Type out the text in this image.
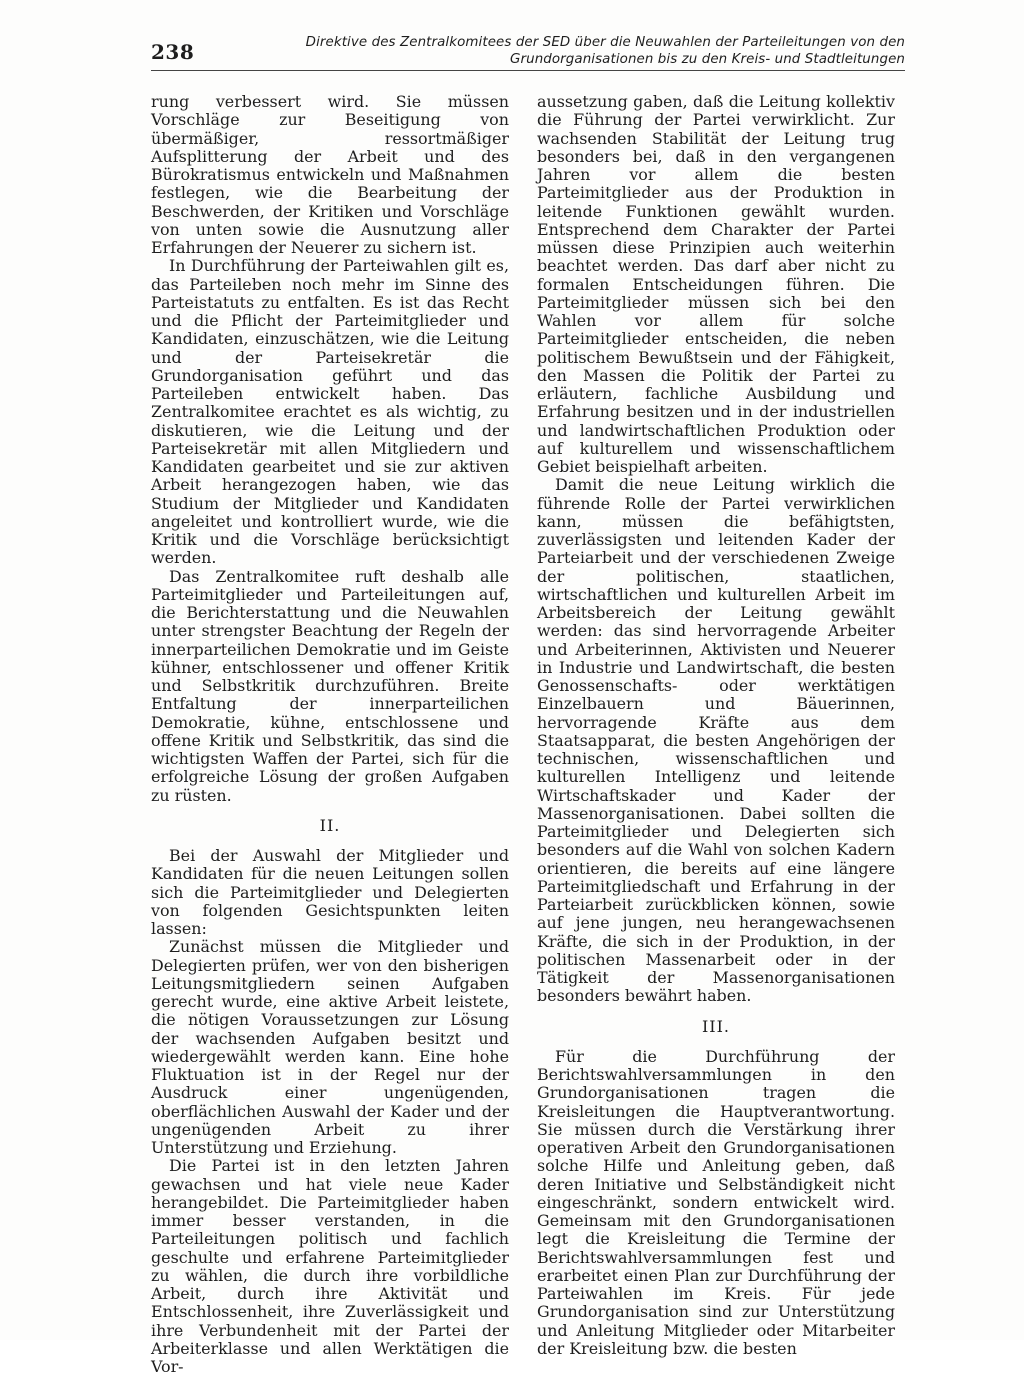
238	Direktive des Zentralkomitees der SED über die Neuwahlen der Parteileitungen von den
Grundorganisationen bis zu den Kreis- und Stadtleitungen

rung verbessert wird. Sie müssen Vorschläge zur Beseitigung von übermäßiger, ressortmäßiger Aufsplitterung der Arbeit und des Bürokratismus entwickeln und Maßnahmen festlegen, wie die Bearbeitung der Beschwerden, der Kritiken und Vorschläge von unten sowie die Ausnutzung aller Erfahrungen der Neuerer zu sichern ist.

In Durchführung der Parteiwahlen gilt es, das Parteileben noch mehr im Sinne des Parteistatuts zu entfalten. Es ist das Recht und die Pflicht der Parteimitglieder und Kandidaten, einzuschätzen, wie die Leitung und der Parteisekretär die Grundorganisation geführt und das Parteileben entwickelt haben. Das Zentralkomitee erachtet es als wichtig, zu diskutieren, wie die Leitung und der Parteisekretär mit allen Mitgliedern und Kandidaten gearbeitet und sie zur aktiven Arbeit herangezogen haben, wie das Studium der Mitglieder und Kandidaten angeleitet und kontrolliert wurde, wie die Kritik und die Vorschläge berücksichtigt werden.

Das Zentralkomitee ruft deshalb alle Parteimitglieder und Parteileitungen auf, die Berichterstattung und die Neuwahlen unter strengster Beachtung der Regeln der innerparteilichen Demokratie und im Geiste kühner, entschlossener und offener Kritik und Selbstkritik durchzuführen. Breite Entfaltung der innerparteilichen Demokratie, kühne, entschlossene und offene Kritik und Selbstkritik, das sind die wichtigsten Waffen der Partei, sich für die erfolgreiche Lösung der großen Aufgaben zu rüsten.

II.

Bei der Auswahl der Mitglieder und Kandidaten für die neuen Leitungen sollen sich die Parteimitglieder und Delegierten von folgenden Gesichtspunkten leiten lassen:

Zunächst müssen die Mitglieder und Delegierten prüfen, wer von den bisherigen Leitungsmitgliedern seinen Aufgaben gerecht wurde, eine aktive Arbeit leistete, die nötigen Voraussetzungen zur Lösung der wachsenden Aufgaben besitzt und wiedergewählt werden kann. Eine hohe Fluktuation ist in der Regel nur der Ausdruck einer ungenügenden, oberflächlichen Auswahl der Kader und der ungenügenden Arbeit zu ihrer Unterstützung und Erziehung.

Die Partei ist in den letzten Jahren gewachsen und hat viele neue Kader herangebildet. Die Parteimitglieder haben immer besser verstanden, in die Parteileitungen politisch und fachlich geschulte und erfahrene Parteimitglieder zu wählen, die durch ihre vorbildliche Arbeit, durch ihre Aktivität und Entschlossenheit, ihre Zuverlässigkeit und ihre Verbundenheit mit der Partei der Arbeiterklasse und allen Werktätigen die Vor-

aussetzung gaben, daß die Leitung kollektiv die Führung der Partei verwirklicht. Zur wachsenden Stabilität der Leitung trug besonders bei, daß in den vergangenen Jahren vor allem die besten Parteimitglieder aus der Produktion in leitende Funktionen gewählt wurden. Entsprechend dem Charakter der Partei müssen diese Prinzipien auch weiterhin beachtet werden. Das darf aber nicht zu formalen Entscheidungen führen. Die Parteimitglieder müssen sich bei den Wahlen vor allem für solche Parteimitglieder entscheiden, die neben politischem Bewußtsein und der Fähigkeit, den Massen die Politik der Partei zu erläutern, fachliche Ausbildung und Erfahrung besitzen und in der industriellen und landwirtschaftlichen Produktion oder auf kulturellem und wissenschaftlichem Gebiet beispielhaft arbeiten.

Damit die neue Leitung wirklich die führende Rolle der Partei verwirklichen kann, müssen die befähigtsten, zuverlässigsten und leitenden Kader der Parteiarbeit und der verschiedenen Zweige der politischen, staatlichen, wirtschaftlichen und kulturellen Arbeit im Arbeitsbereich der Leitung gewählt werden: das sind hervorragende Arbeiter und Arbeiterinnen, Aktivisten und Neuerer in Industrie und Landwirtschaft, die besten Genossenschafts- oder werktätigen Einzelbauern und Bäuerinnen, hervorragende Kräfte aus dem Staatsapparat, die besten Angehörigen der technischen, wissenschaftlichen und kulturellen Intelligenz und leitende Wirtschaftskader und Kader der Massenorganisationen. Dabei sollten die Parteimitglieder und Delegierten sich besonders auf die Wahl von solchen Kadern orientieren, die bereits auf eine längere Parteimitgliedschaft und Erfahrung in der Parteiarbeit zurückblicken können, sowie auf jene jungen, neu herangewachsenen Kräfte, die sich in der Produktion, in der politischen Massenarbeit oder in der Tätigkeit der Massenorganisationen besonders bewährt haben.

III.

Für die Durchführung der Berichtswahlversammlungen in den Grundorganisationen tragen die Kreisleitungen die Hauptverantwortung. Sie müssen durch die Verstärkung ihrer operativen Arbeit den Grundorganisationen solche Hilfe und Anleitung geben, daß deren Initiative und Selbständigkeit nicht eingeschränkt, sondern entwickelt wird. Gemeinsam mit den Grundorganisationen legt die Kreisleitung die Termine der Berichtswahlversammlungen fest und erarbeitet einen Plan zur Durchführung der Parteiwahlen im Kreis. Für jede Grundorganisation sind zur Unterstützung und Anleitung Mitglieder oder Mitarbeiter der Kreisleitung bzw. die besten
